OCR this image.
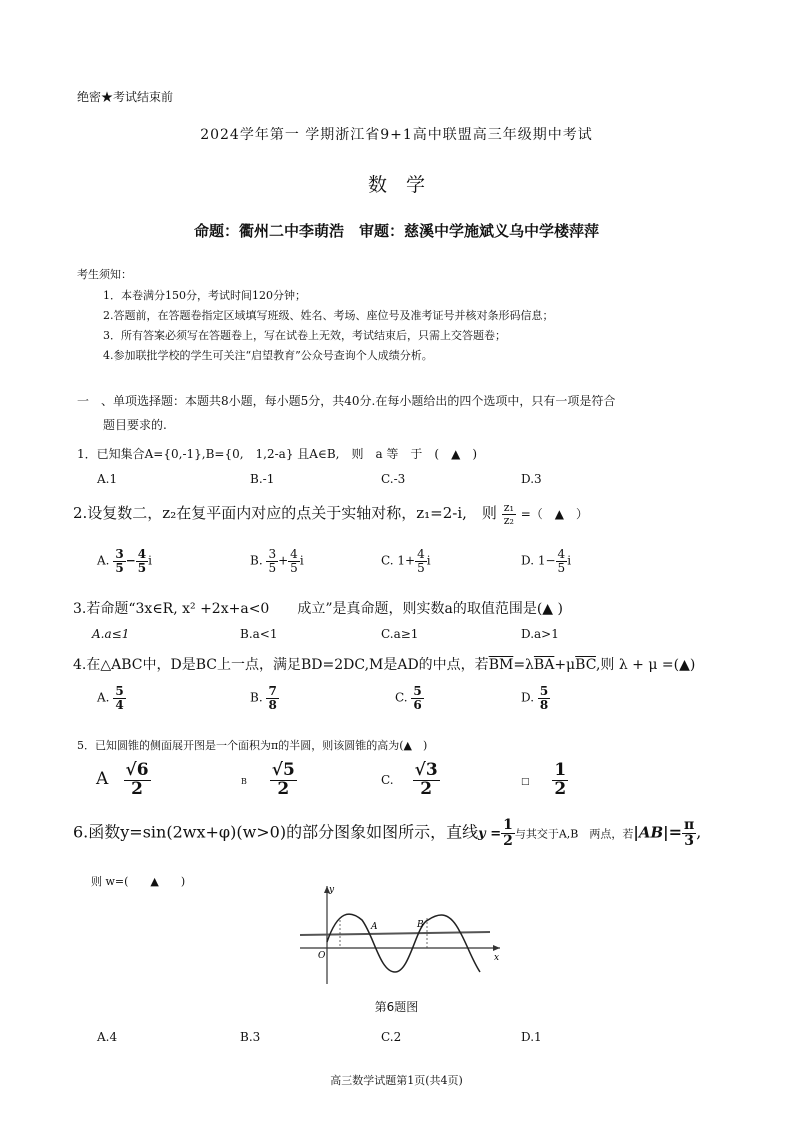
绝密★考试结束前
2024学年第一 学期浙江省9+1高中联盟高三年级期中考试
数　学
命题：衢州二中李萌浩　审题：慈溪中学施斌义乌中学楼萍萍
考生须知：
1．本卷满分150分，考试时间120分钟；
2.答题前，在答题卷指定区域填写班级、姓名、考场、座位号及准考证号并核对条形码信息；
3．所有答案必须写在答题卷上，写在试卷上无效，考试结束后，只需上交答题卷；
4.参加联批学校的学生可关注“启望教育”公众号查询个人成绩分析。
一　、单项选择题：本题共8小题，每小题5分，共40分.在每小题给出的四个选项中，只有一项是符合
题目要求的.
1．已知集合A={0,-1},B={0,　1,2-a} 且A∈B,　则　a 等　于　(　▲　)
A.1	B.-1	C.-3	D.3
2.设复数二，z₂在复平面内对应的点关于实轴对称，z₁=2-i,　则 $\frac{\text{z₁}}{\text{z₂}}$ =（　▲　）
A. $\frac{3}{5} - \frac{4}{5}$ i	B. $\frac{3}{5} + \frac{4}{5}$ i	C. $1+ \frac{4}{5}$ i	D. $1- \frac{4}{5}$ i
3.若命题“3x∈R, x² +2x+a<0　　成立”是真命题，则实数a的取值范围是(▲ )
A.a≤1	B.a<1	C.a≥1	D.a>1
4.在△ABC中，D是BC上一点，满足BD=2DC,M是AD的中点，若$\overline{BM}=\lambda\overline{BA}+\mu\overline{BC}$,则 λ + μ =(▲)
A. $\frac{5}{4}$	B. $\frac{7}{8}$	C. $\frac{5}{6}$	D. $\frac{5}{8}$
5．已知圆锥的侧面展开图是一个面积为π的半圆，则该圆锥的高为(▲　)
A $\frac{√6}{2}$	B $\frac{√5}{2}$	C. $\frac{√3}{2}$	□ $\frac{1}{2}$
6.函数y=sin(2wx+φ)(w>0)的部分图象如图所示，直线$y = \frac{1}{2}$ 与其交于A,B　两点，若$|AB|= \frac{\pi}{3}$ ,
则 w=(　　▲　　)
y
x
O
A	B
第6题图
A.4	B.3	C.2	D.1
高三数学试题第1页(共4页)
